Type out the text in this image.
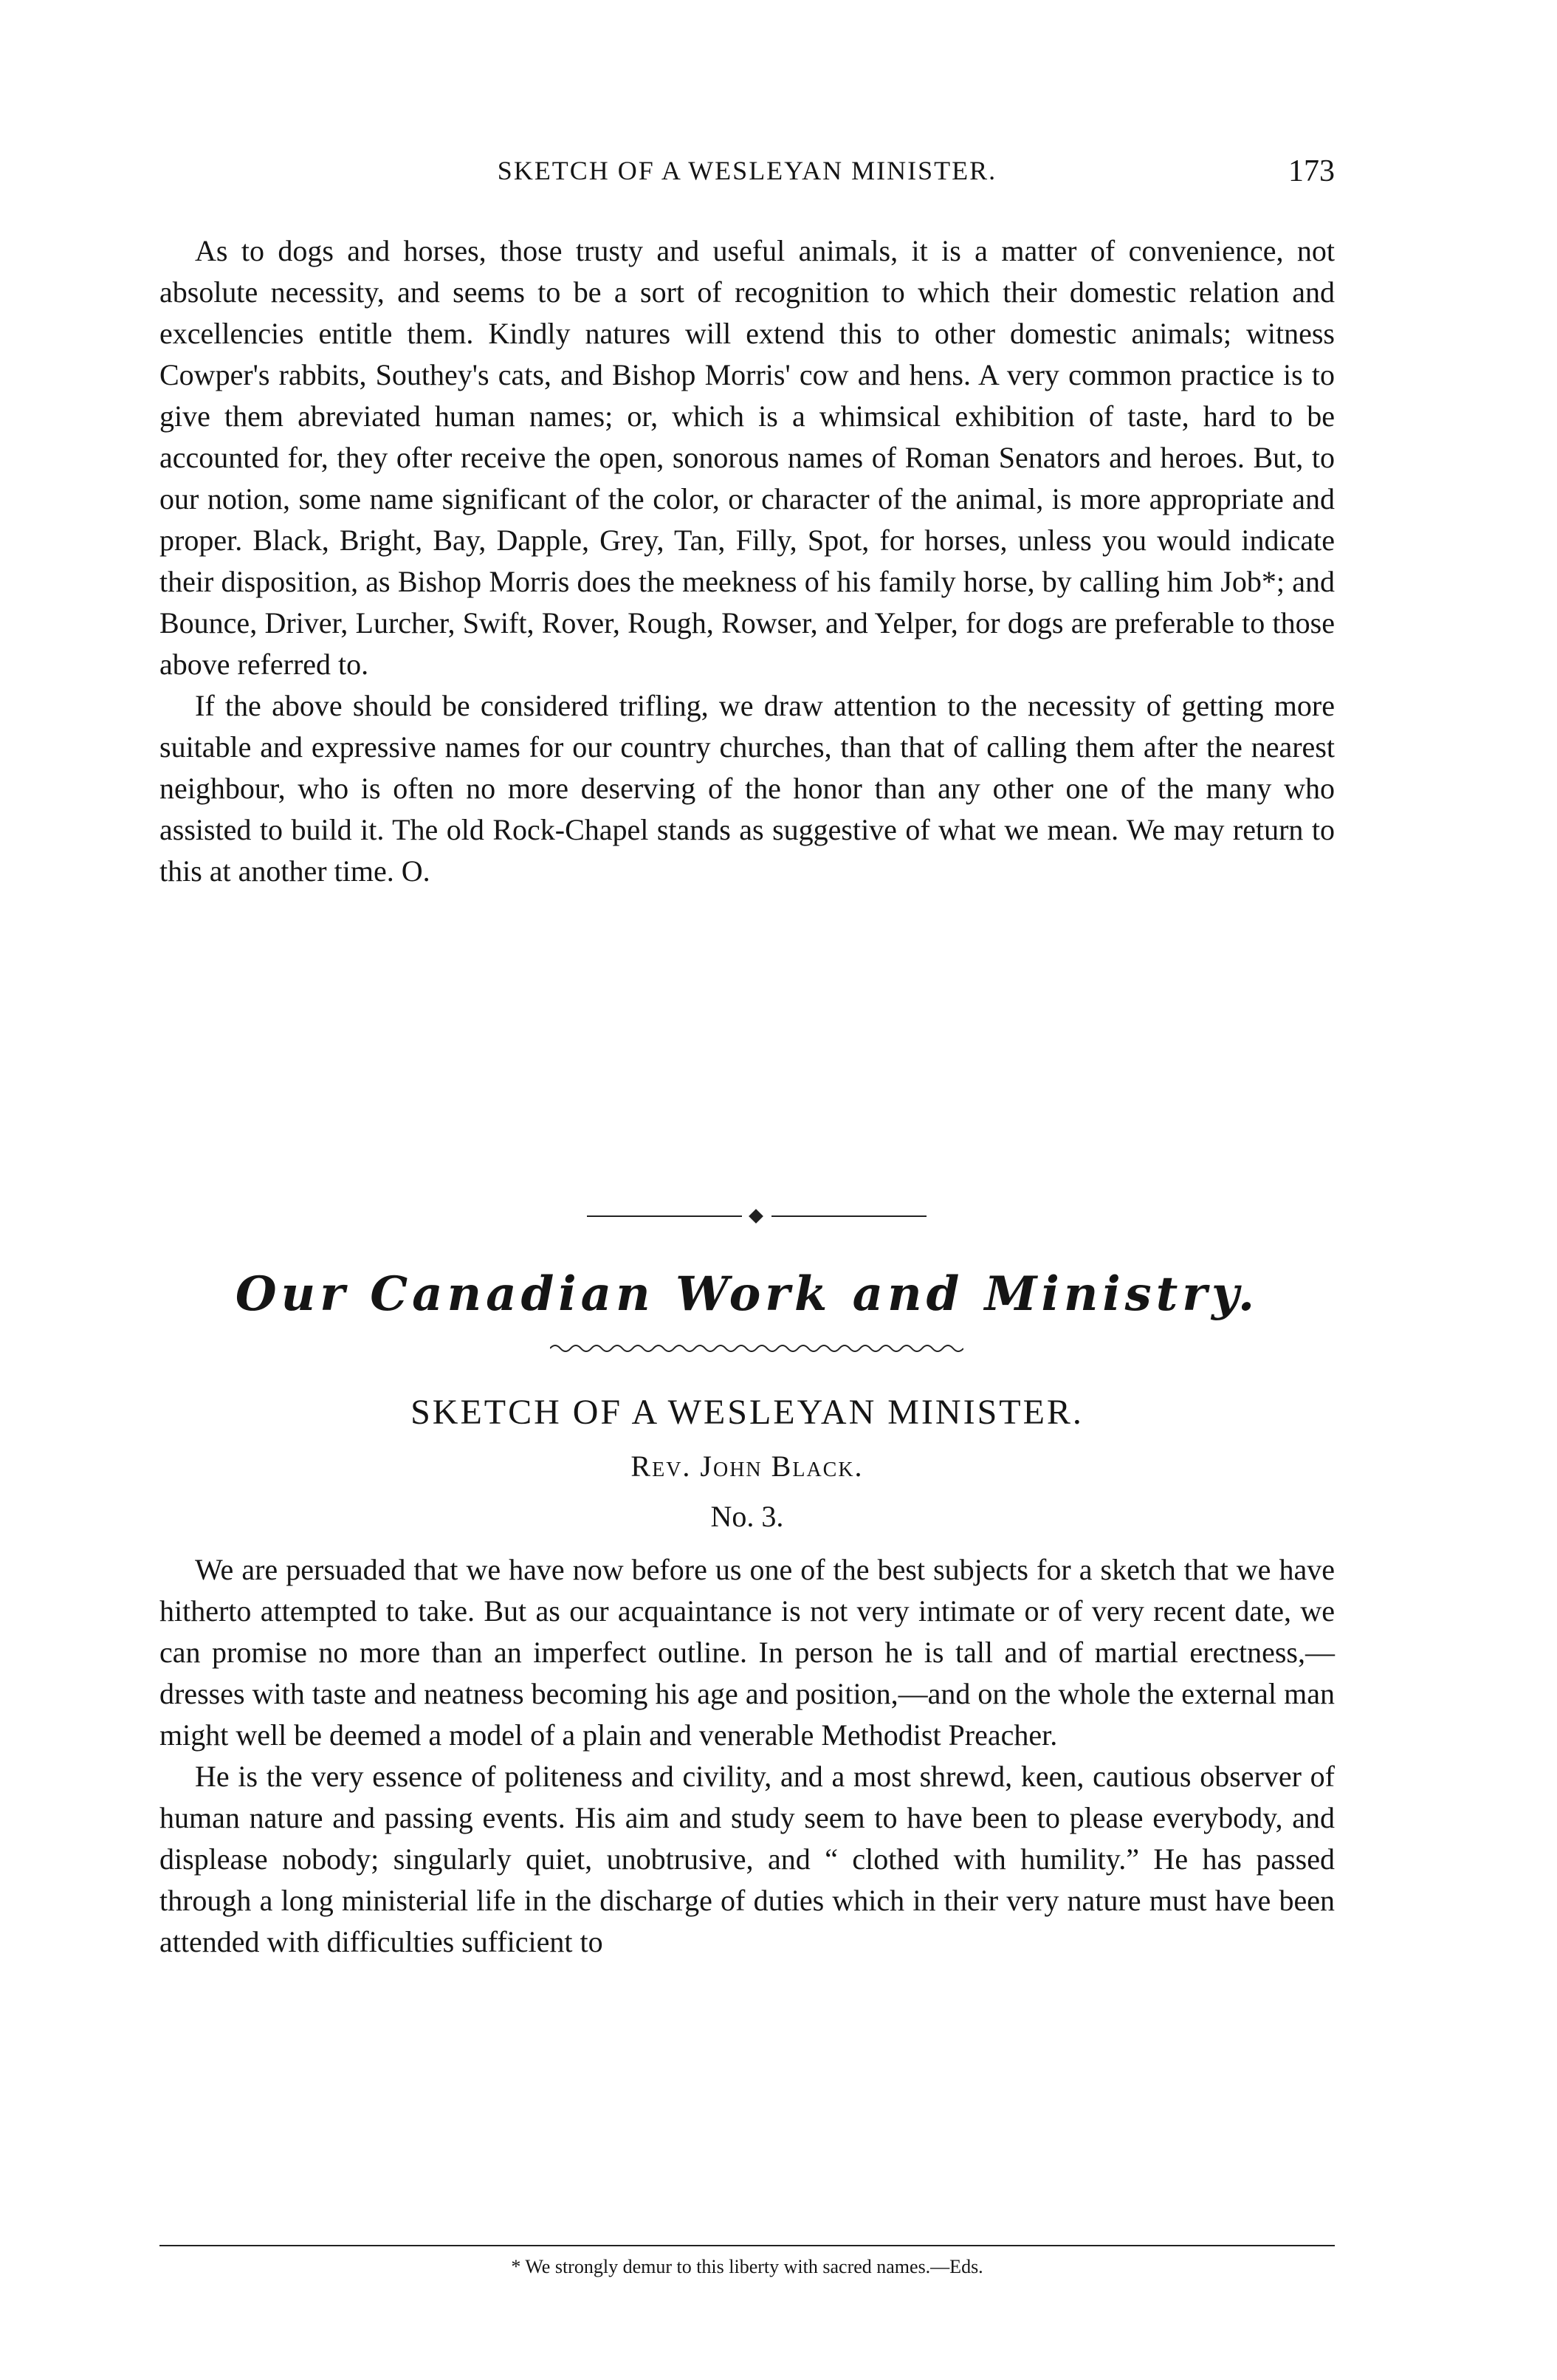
SKETCH OF A WESLEYAN MINISTER.	173

As to dogs and horses, those trusty and useful animals, it is a matter of convenience, not absolute necessity, and seems to be a sort of recognition to which their domestic relation and excellencies entitle them. Kindly natures will extend this to other domestic animals; witness Cowper's rabbits, Southey's cats, and Bishop Morris' cow and hens. A very common practice is to give them abreviated human names; or, which is a whimsical exhibition of taste, hard to be accounted for, they ofter receive the open, sonorous names of Roman Senators and heroes. But, to our notion, some name significant of the color, or character of the animal, is more appropriate and proper. Black, Bright, Bay, Dapple, Grey, Tan, Filly, Spot, for horses, unless you would indicate their disposition, as Bishop Morris does the meekness of his family horse, by calling him Job*; and Bounce, Driver, Lurcher, Swift, Rover, Rough, Rowser, and Yelper, for dogs are preferable to those above referred to.

If the above should be considered trifling, we draw attention to the necessity of getting more suitable and expressive names for our country churches, than that of calling them after the nearest neighbour, who is often no more deserving of the honor than any other one of the many who assisted to build it. The old Rock-Chapel stands as suggestive of what we mean. We may return to this at another time. O.

Our Canadian Work and Ministry.
SKETCH OF A WESLEYAN MINISTER.
Rev. John Black.
No. 3.

We are persuaded that we have now before us one of the best subjects for a sketch that we have hitherto attempted to take. But as our acquaintance is not very intimate or of very recent date, we can promise no more than an imperfect outline. In person he is tall and of martial erectness,—dresses with taste and neatness becoming his age and position,—and on the whole the external man might well be deemed a model of a plain and venerable Methodist Preacher.

He is the very essence of politeness and civility, and a most shrewd, keen, cautious observer of human nature and passing events. His aim and study seem to have been to please everybody, and displease nobody; singularly quiet, unobtrusive, and “ clothed with humility.” He has passed through a long ministerial life in the discharge of duties which in their very nature must have been attended with difficulties sufficient to

* We strongly demur to this liberty with sacred names.—Eds.
